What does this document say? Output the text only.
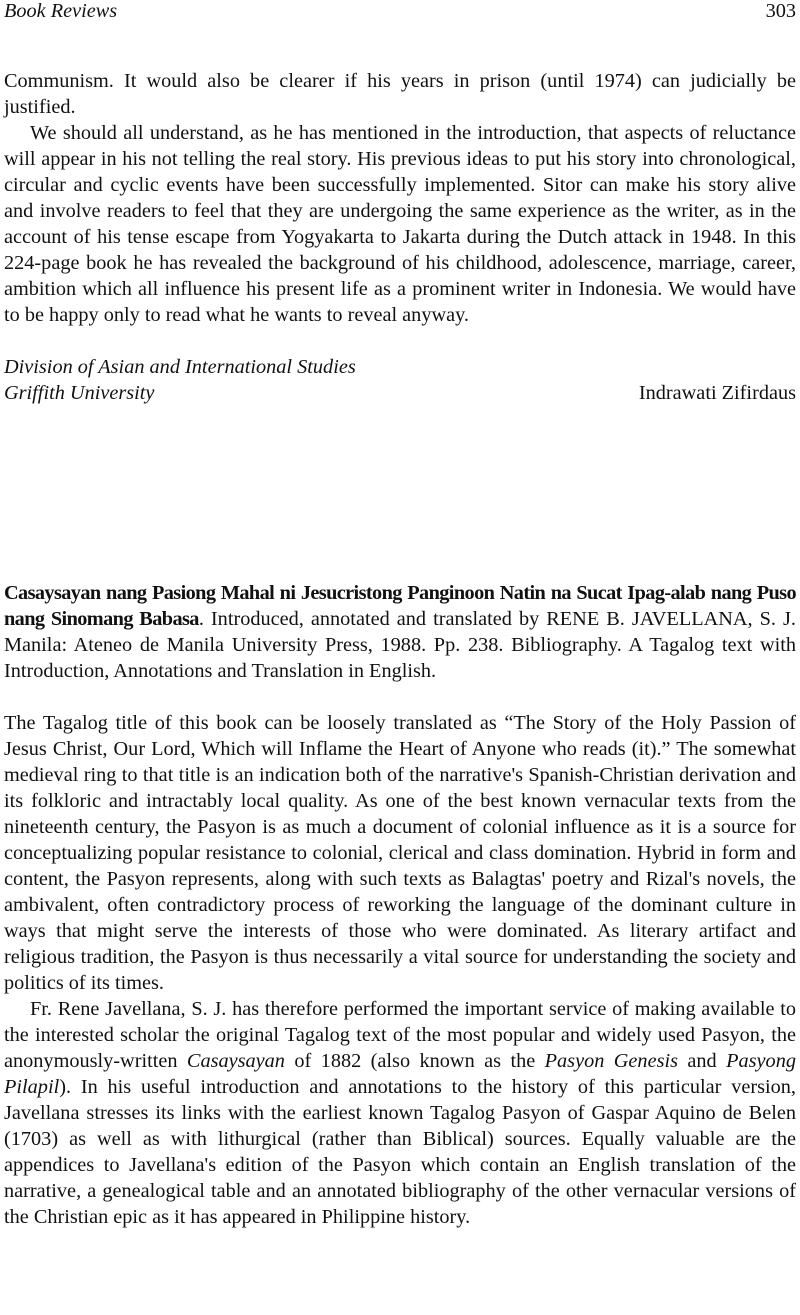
Book Reviews	303

Communism. It would also be clearer if his years in prison (until 1974) can judicially be justified.

We should all understand, as he has mentioned in the introduction, that aspects of reluctance will appear in his not telling the real story. His previous ideas to put his story into chronological, circular and cyclic events have been successfully implemented. Sitor can make his story alive and involve readers to feel that they are undergoing the same experience as the writer, as in the account of his tense escape from Yogyakarta to Jakarta during the Dutch attack in 1948. In this 224-page book he has revealed the background of his childhood, adolescence, marriage, career, ambition which all influence his present life as a prominent writer in Indonesia. We would have to be happy only to read what he wants to reveal anyway.

Division of Asian and International Studies
Griffith University	Indrawati Zifirdaus

Casaysayan nang Pasiong Mahal ni Jesucristong Panginoon Natin na Sucat Ipag-alab nang Puso nang Sinomang Babasa. Introduced, annotated and translated by RENE B. JAVELLANA, S. J. Manila: Ateneo de Manila University Press, 1988. Pp. 238. Bibliography. A Tagalog text with Introduction, Annotations and Translation in English.

The Tagalog title of this book can be loosely translated as “The Story of the Holy Passion of Jesus Christ, Our Lord, Which will Inflame the Heart of Anyone who reads (it).” The somewhat medieval ring to that title is an indication both of the narrative's Spanish-Christian derivation and its folkloric and intractably local quality. As one of the best known vernacular texts from the nineteenth century, the Pasyon is as much a document of colonial influence as it is a source for conceptualizing popular resistance to colonial, clerical and class domination. Hybrid in form and content, the Pasyon represents, along with such texts as Balagtas' poetry and Rizal's novels, the ambivalent, often contradictory process of reworking the language of the dominant culture in ways that might serve the interests of those who were dominated. As literary artifact and religious tradition, the Pasyon is thus necessarily a vital source for understanding the society and politics of its times.

Fr. Rene Javellana, S. J. has therefore performed the important service of making available to the interested scholar the original Tagalog text of the most popular and widely used Pasyon, the anonymously-written Casaysayan of 1882 (also known as the Pasyon Genesis and Pasyong Pilapil). In his useful introduction and annotations to the history of this particular version, Javellana stresses its links with the earliest known Tagalog Pasyon of Gaspar Aquino de Belen (1703) as well as with lithurgical (rather than Biblical) sources. Equally valuable are the appendices to Javellana's edition of the Pasyon which contain an English translation of the narrative, a genealogical table and an annotated bibliography of the other vernacular versions of the Christian epic as it has appeared in Philippine history.
